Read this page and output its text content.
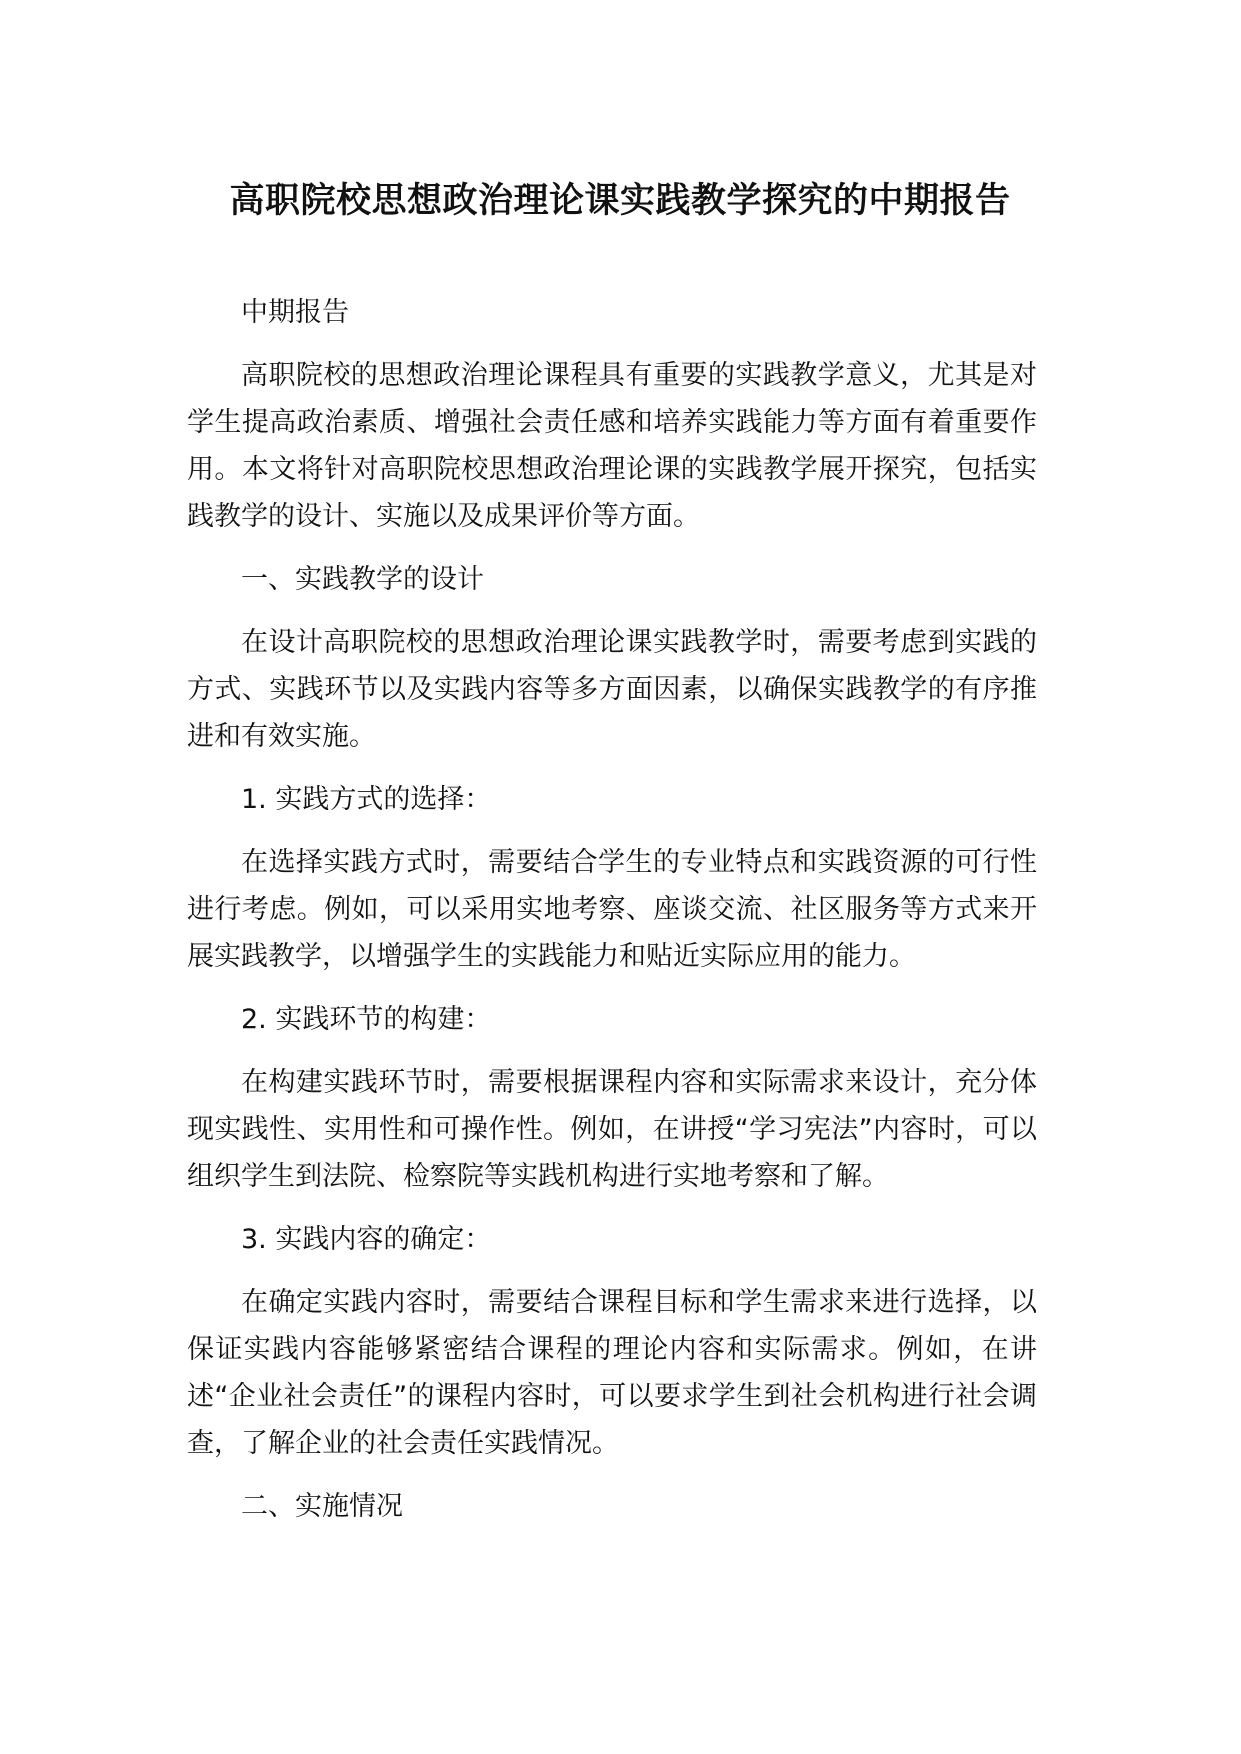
高职院校思想政治理论课实践教学探究的中期报告

中期报告

高职院校的思想政治理论课程具有重要的实践教学意义，尤其是对学生提高政治素质、增强社会责任感和培养实践能力等方面有着重要作用。本文将针对高职院校思想政治理论课的实践教学展开探究，包括实践教学的设计、实施以及成果评价等方面。

一、实践教学的设计

在设计高职院校的思想政治理论课实践教学时，需要考虑到实践的方式、实践环节以及实践内容等多方面因素，以确保实践教学的有序推进和有效实施。

1. 实践方式的选择：

在选择实践方式时，需要结合学生的专业特点和实践资源的可行性进行考虑。例如，可以采用实地考察、座谈交流、社区服务等方式来开展实践教学，以增强学生的实践能力和贴近实际应用的能力。

2. 实践环节的构建：

在构建实践环节时，需要根据课程内容和实际需求来设计，充分体现实践性、实用性和可操作性。例如，在讲授“学习宪法”内容时，可以组织学生到法院、检察院等实践机构进行实地考察和了解。

3. 实践内容的确定：

在确定实践内容时，需要结合课程目标和学生需求来进行选择，以保证实践内容能够紧密结合课程的理论内容和实际需求。例如，在讲述“企业社会责任”的课程内容时，可以要求学生到社会机构进行社会调查，了解企业的社会责任实践情况。

二、实施情况
